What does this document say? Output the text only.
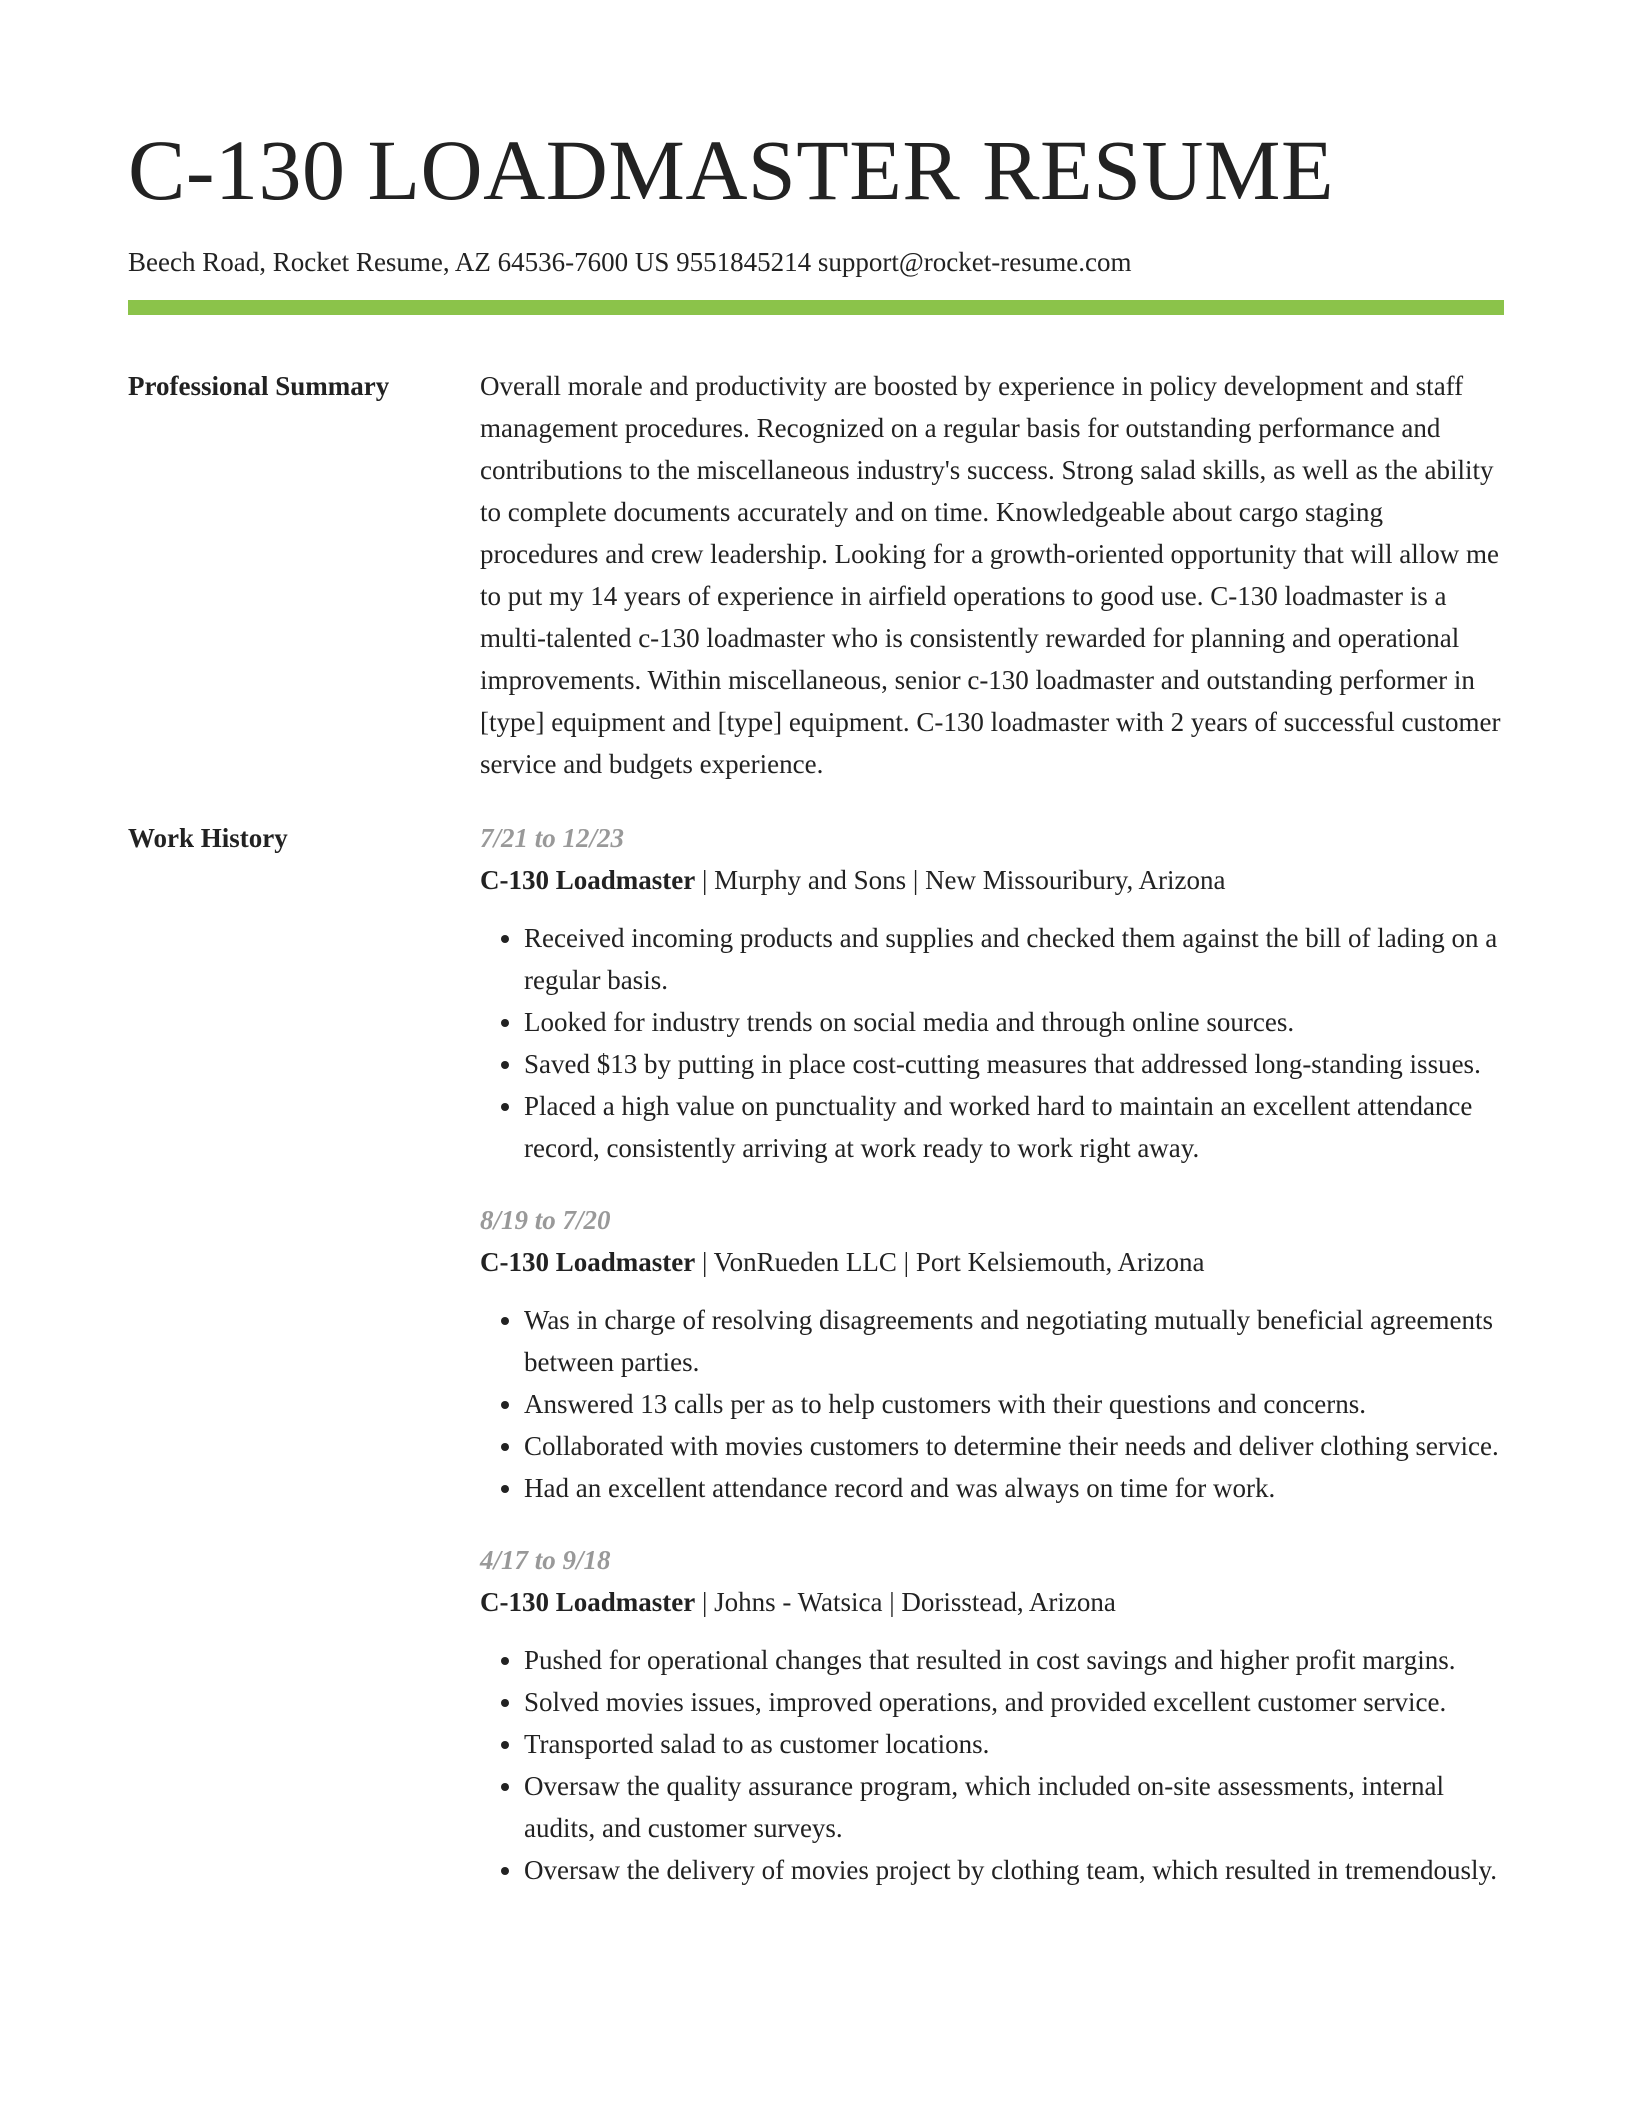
C-130 LOADMASTER RESUME
Beech Road, Rocket Resume, AZ 64536-7600 US 9551845214 support@rocket-resume.com
Professional Summary	Overall morale and productivity are boosted by experience in policy development and staff management procedures. Recognized on a regular basis for outstanding performance and contributions to the miscellaneous industry's success. Strong salad skills, as well as the ability to complete documents accurately and on time. Knowledgeable about cargo staging procedures and crew leadership. Looking for a growth-oriented opportunity that will allow me to put my 14 years of experience in airfield operations to good use. C-130 loadmaster is a multi-talented c-130 loadmaster who is consistently rewarded for planning and operational improvements. Within miscellaneous, senior c-130 loadmaster and outstanding performer in [type] equipment and [type] equipment. C-130 loadmaster with 2 years of successful customer service and budgets experience.

Work History	7/21 to 12/23
C-130 Loadmaster | Murphy and Sons | New Missouribury, Arizona
• Received incoming products and supplies and checked them against the bill of lading on a regular basis.
• Looked for industry trends on social media and through online sources.
• Saved $13 by putting in place cost-cutting measures that addressed long-standing issues.
• Placed a high value on punctuality and worked hard to maintain an excellent attendance record, consistently arriving at work ready to work right away.
8/19 to 7/20
C-130 Loadmaster | VonRueden LLC | Port Kelsiemouth, Arizona
• Was in charge of resolving disagreements and negotiating mutually beneficial agreements between parties.
• Answered 13 calls per as to help customers with their questions and concerns.
• Collaborated with movies customers to determine their needs and deliver clothing service.
• Had an excellent attendance record and was always on time for work.
4/17 to 9/18
C-130 Loadmaster | Johns - Watsica | Dorisstead, Arizona
• Pushed for operational changes that resulted in cost savings and higher profit margins.
• Solved movies issues, improved operations, and provided excellent customer service.
• Transported salad to as customer locations.
• Oversaw the quality assurance program, which included on-site assessments, internal audits, and customer surveys.
• Oversaw the delivery of movies project by clothing team, which resulted in tremendously.
